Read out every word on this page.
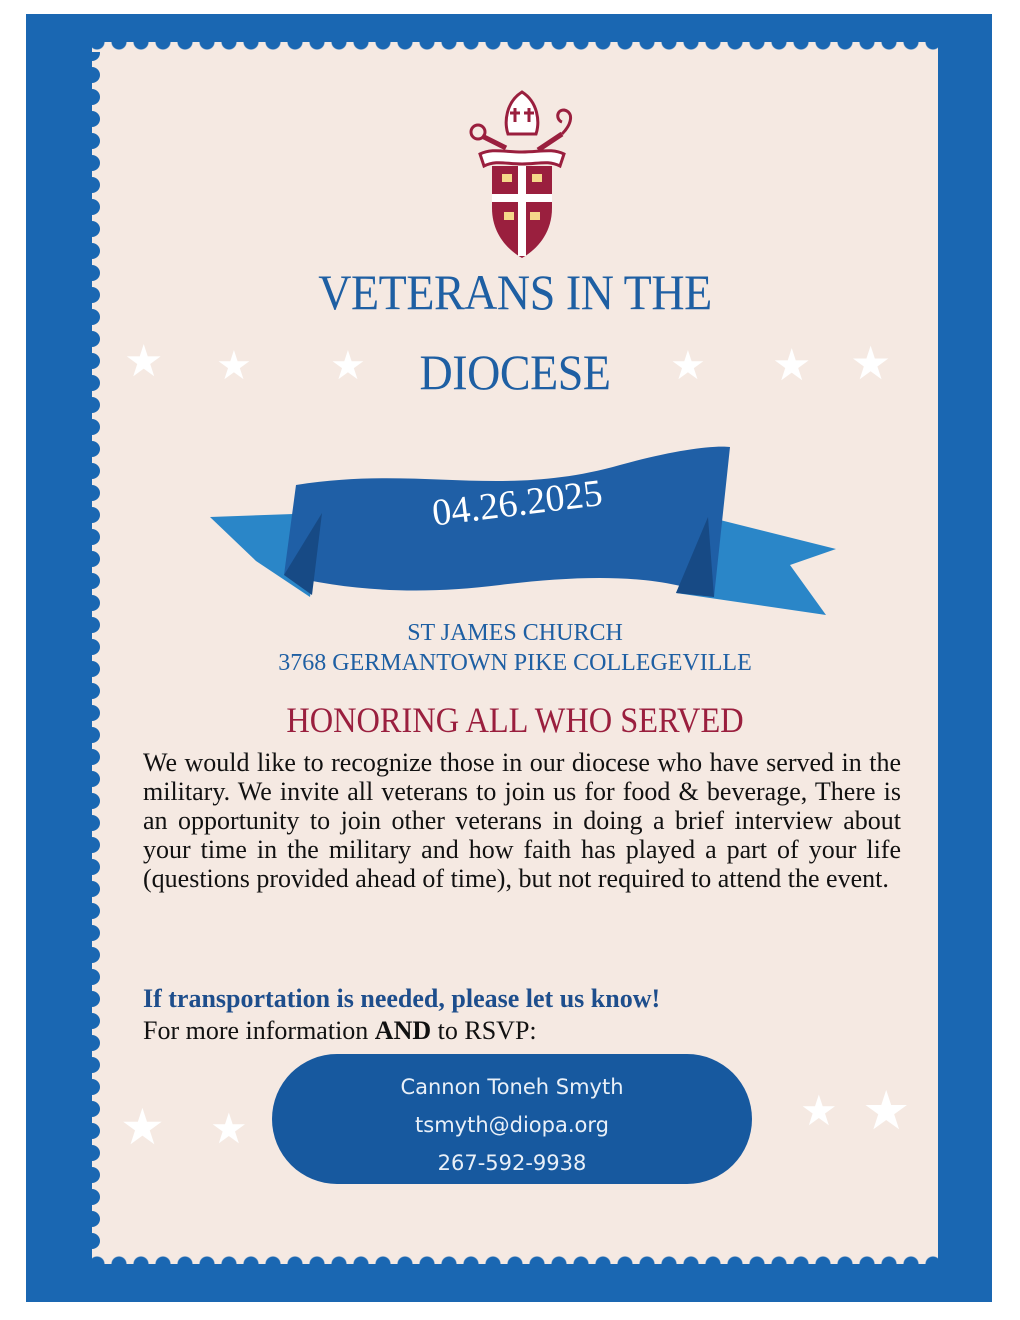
VETERANS IN THE
DIOCESE
★ ★ ★	★ ★ ★
★ ★	★ ★
04.26.2025
ST JAMES CHURCH
3768 GERMANTOWN PIKE COLLEGEVILLE
HONORING ALL WHO SERVED
We would like to recognize those in our diocese who have served in the military. We invite all veterans to join us for food & beverage, There is an opportunity to join other veterans in doing a brief interview about your time in the military and how faith has played a part of your life (questions provided ahead of time), but not required to attend the event.
If transportation is needed, please let us know!
For more information AND to RSVP:
Cannon Toneh Smyth
tsmyth@diopa.org
267-592-9938
